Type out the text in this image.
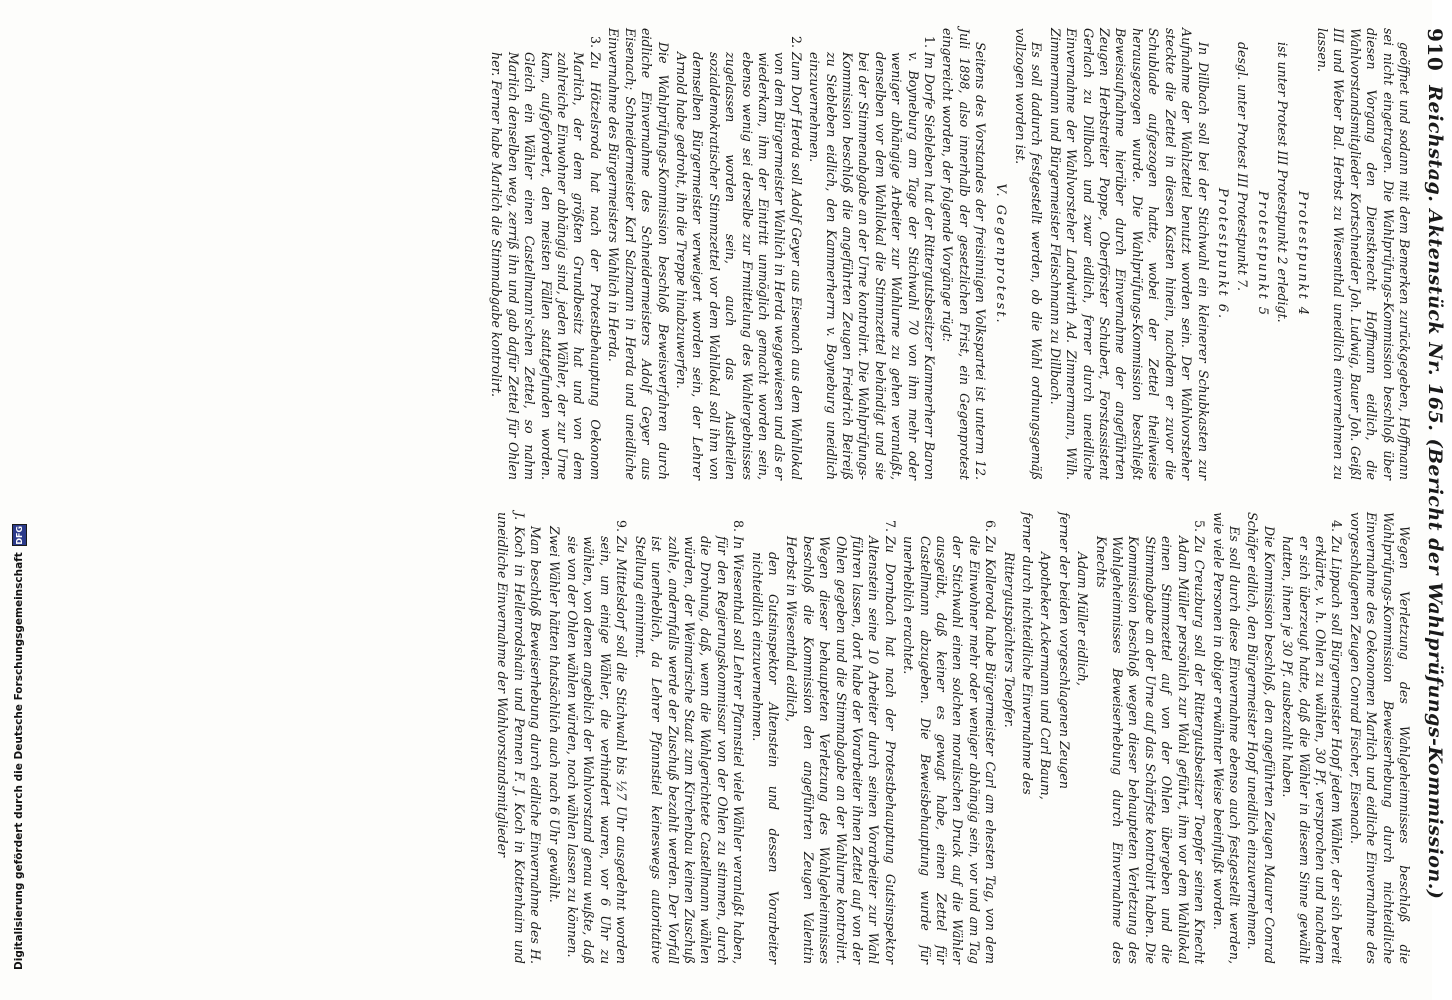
910
Reichstag. Aktenstück Nr. 165. (Bericht der Wahlprüfungs-Kommission.)

geöffnet und sodann mit dem Bemerken zurückgegeben, Hoffmann sei nicht eingetragen. Die Wahlprüfungs-Kommission beschloß über diesen Vorgang den Dienstknecht Hoffmann eidlich, die Wahlvorstandsmitglieder Kortschneider Joh. Ludwig, Bauer Joh. Geißl III und Weber Bal. Herbst zu Wiesenthal uneidlich einvernehmen zu lassen.

Protestpunkt 4

ist unter Protest III Protestpunkt 2 erledigt.

Protestpunkt 5

desgl. unter Protest III Protestpunkt 7.

Protestpunkt 6.

In Dillbach soll bei der Stichwahl ein kleinerer Schubkasten zur Aufnahme der Wahlzettel benutzt worden sein. Der Wahlvorsteher steckte die Zettel in diesen Kasten hinein, nachdem er zuvor die Schublade aufgezogen hatte, wobei der Zettel theilweise herausgezogen wurde. Die Wahlprüfungs-Kommission beschließt Beweisaufnahme hierüber durch Einvernahme der angeführten Zeugen Herbstreiter Poppe, Oberförster Schubert, Forstassistent Gerlach zu Dillbach und zwar eidlich, ferner durch uneidliche Einvernahme der Wahlvorsteher Landwirth Ad. Zimmermann, Wilh. Zimmermann und Bürgermeister Fleischmann zu Dillbach.

Es soll dadurch festgestellt werden, ob die Wahl ordnungsgemäß vollzogen worden ist.

V. Gegenprotest.

Seitens des Vorstandes der freisinnigen Volkspartei ist unterm 12. Juli 1898, also innerhalb der gesetzlichen Frist, ein Gegenprotest eingereicht worden, der folgende Vorgänge rügt:

1.
Im Dorfe Siebleben hat der Rittergutsbesitzer Kammerherr Baron v. Boyneburg am Tage der Stichwahl 70 von ihm mehr oder weniger abhängige Arbeiter zur Wahlurne zu gehen veranlaßt, denselben vor dem Wahllokal die Stimmzettel behändigt und sie bei der Stimmenabgabe an der Urne kontrolirt. Die Wahlprüfungs-Kommission beschloß die angeführten Zeugen Friedrich Beireiß zu Siebleben eidlich, den Kammerherrn v. Boyneburg uneidlich einzuvernehmen.
2.
Zum Dorf Herda soll Adolf Geyer aus Eisenach aus dem Wahllokal von dem Bürgermeister Wahlich in Herda weggewiesen und als er wiederkam, ihm der Eintritt unmöglich gemacht worden sein, ebenso wenig sei derselbe zur Ermittelung des Wahlergebnisses zugelassen worden sein, auch das Austheilen sozialdemokratischer Stimmzettel vor dem Wahllokal soll ihm von demselben Bürgermeister verweigert worden sein, der Lehrer Arnold habe gedroht, ihn die Treppe hinabzuwerfen.

Die Wahlprüfungs-Kommission beschloß Beweisverfahren durch eidliche Einvernahme des Schneidermeisters Adolf Geyer aus Eisenach; Schneidermeister Karl Salzmann in Herda und uneidliche Einvernahme des Bürgermeisters Wahlich in Herda.

3.
Zu Hötzelsroda hat nach der Protestbehauptung Oekonom Marlich, der dem größten Grundbesitz hat und von dem zahlreiche Einwohner abhängig sind, jeden Wähler, der zur Urne kam, aufgefordert, den meisten Fällen stattgefunden worden. Gleich ein Wähler einen Castellmann'schen Zettel, so nahm Marlich denselben weg, zerriß ihn und gab dafür Zettel für Ohlen her. Ferner habe Marlich die Stimmabgabe kontrolirt.

Wegen Verletzung des Wahlgeheimnisses beschloß die Wahlprüfungs-Kommission Beweiserhebung durch nichteidliche Einvernahme des Oekonomen Marlich und eidliche Einvernahme des vorgeschlagenen Zeugen Conrad Fischer, Eisenach.

4.
Zu Lippach soll Bürgermeister Hopf jedem Wähler, der sich bereit erklärte, v. h. Ohlen zu wählen, 30 Pf. versprochen und nachdem er sich überzeugt hatte, daß die Wähler in diesem Sinne gewählt hatten, ihnen je 30 Pf. ausbezahlt haben.

Die Kommission beschloß, den angeführten Zeugen Maurer Conrad Schäfer eidlich, den Bürgermeister Hopf uneidlich einzuvernehmen.

Es soll durch diese Einvernahme ebenso auch festgestellt werden, wie viele Personen in obiger erwähnter Weise beeinflußt worden.

5.
Zu Creuzburg soll der Rittergutsbesitzer Toepfer seinen Knecht Adam Müller persönlich zur Wahl geführt, ihm vor dem Wahllokal einen Stimmzettel auf von der Ohlen übergeben und die Stimmabgabe an der Urne auf das Schärfste kontrolirt haben. Die Kommission beschloß wegen dieser behaupteten Verletzung des Wahlgeheimnisses Beweiserhebung durch Einvernahme des Knechts

Adam Müller eidlich,

ferner der beiden vorgeschlagenen Zeugen

Apotheker Ackermann und Carl Baum,

ferner durch nichteidliche Einvernahme des

Rittergutspächters Toepfer.

6.
Zu Kolleroda habe Bürgermeister Carl am ehesten Tag, von dem die Einwohner mehr oder weniger abhängig sein, vor und am Tag der Stichwahl einen solchen moralischen Druck auf die Wähler ausgeübt, daß keiner es gewagt habe, einen Zettel für Castellmann abzugeben. Die Beweisbehauptung wurde für unerheblich erachtet.
7.
Zu Dornbach hat nach der Protestbehauptung Gutsinspektor Altenstein seine 10 Arbeiter durch seinen Vorarbeiter zur Wahl führen lassen, dort habe der Vorarbeiter ihnen Zettel auf von der Ohlen gegeben und die Stimmabgabe an der Wahlurne kontrolirt. Wegen dieser behaupteten Verletzung des Wahlgeheimnisses beschloß die Kommission den angeführten Zeugen Valentin Herbst in Wiesenthal eidlich,

den Gutsinspektor Altenstein und dessen Vorarbeiter nichteidlich einzuvernehmen.

8.
In Wiesenthal soll Lehrer Pfannstiel viele Wähler veranlaßt haben, für den Regierungskommissar von der Ohlen zu stimmen, durch die Drohung, daß, wenn die Wahlgerichtete Castellmann wählen würden, der Weimarische Staat zum Kirchenbau keinen Zuschuß zahle, andernfalls werde der Zuschuß bezahlt werden. Der Vorfall ist unerheblich, da Lehrer Pfannstiel keineswegs autoritative Stellung einnimmt.
9.
Zu Mittelsdorf soll die Stichwahl bis ½7 Uhr ausgedehnt worden sein, um einige Wähler, die verhindert waren, vor 6 Uhr zu wählen, von denen angeblich der Wahlvorstand genau wußte, daß sie von der Ohlen wählen würden, noch wählen lassen zu können.

Zwei Wähler hätten thatsächlich auch nach 6 Uhr gewählt.

Man beschloß Beweiserhebung durch eidliche Einvernahme des H. J. Koch in Hellenrodshain und Pennen F. J. Koch in Kottenhaim und uneidliche Einvernahme der Wahlvorstandsmitglieder

Digitalisierung gefördert durch die Deutsche Forschungsgemeinschaft
DFG
